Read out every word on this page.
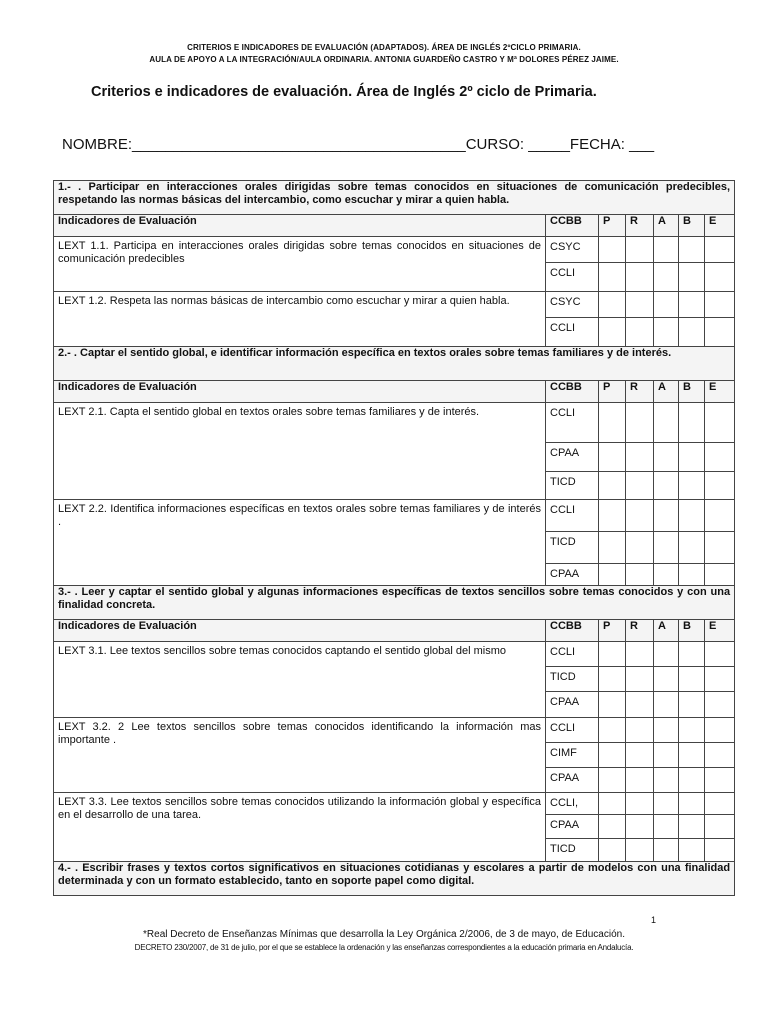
CRITERIOS E INDICADORES DE EVALUACIÓN (ADAPTADOS). ÁREA DE INGLÉS 2ºCICLO PRIMARIA.
AULA DE APOYO A LA INTEGRACIÓN/AULA ORDINARIA. ANTONIA GUARDEÑO CASTRO Y Mª DOLORES PÉREZ JAIME.
Criterios e indicadores de evaluación. Área de Inglés 2º ciclo de Primaria.
NOMBRE:________________________________________CURSO: _____FECHA: ___
1.- . Participar en interacciones orales dirigidas sobre temas conocidos en situaciones de comunicación predecibles, respetando las normas básicas del intercambio, como escuchar y mirar a quien habla.						
Indicadores de Evaluación	CCBB	P	R	A	B	E
LEXT 1.1. Participa en interacciones orales dirigidas sobre temas conocidos en situaciones de comunicación predecibles	CSYC					
	CCLI					
LEXT 1.2. Respeta las normas básicas de intercambio como escuchar y mirar a quien habla.	CSYC					
	CCLI					
2.- . Captar el sentido global, e identificar información específica en textos orales sobre temas familiares y de interés.						
Indicadores de Evaluación	CCBB	P	R	A	B	E
LEXT 2.1. Capta el sentido global en textos orales sobre temas familiares y de interés.	CCLI					
	CPAA					
	TICD					
LEXT 2.2. Identifica informaciones específicas en textos orales sobre temas familiares y de interés .	CCLI					
	TICD					
	CPAA					
3.- . Leer y captar el sentido global y algunas informaciones específicas de textos sencillos sobre temas conocidos y con una finalidad concreta.						
Indicadores de Evaluación	CCBB	P	R	A	B	E
LEXT 3.1. Lee textos sencillos sobre temas conocidos captando el sentido global del mismo	CCLI					
	TICD					
	CPAA					
LEXT 3.2. 2 Lee textos sencillos sobre temas conocidos identificando la información mas importante .	CCLI					
	CIMF					
	CPAA					
LEXT 3.3. Lee textos sencillos sobre temas conocidos utilizando la información global y específica en el desarrollo de una tarea.	CCLI,					
	CPAA					
	TICD					
4.- . Escribir frases y textos cortos significativos en situaciones cotidianas y escolares a partir de modelos con una finalidad determinada y con un formato establecido, tanto en soporte papel como digital.						
1
*Real Decreto de Enseñanzas Mínimas que desarrolla la Ley Orgánica 2/2006, de 3 de mayo, de Educación.
DECRETO 230/2007, de 31 de julio, por el que se establece la ordenación y las enseñanzas correspondientes a la educación primaria en Andalucía.
